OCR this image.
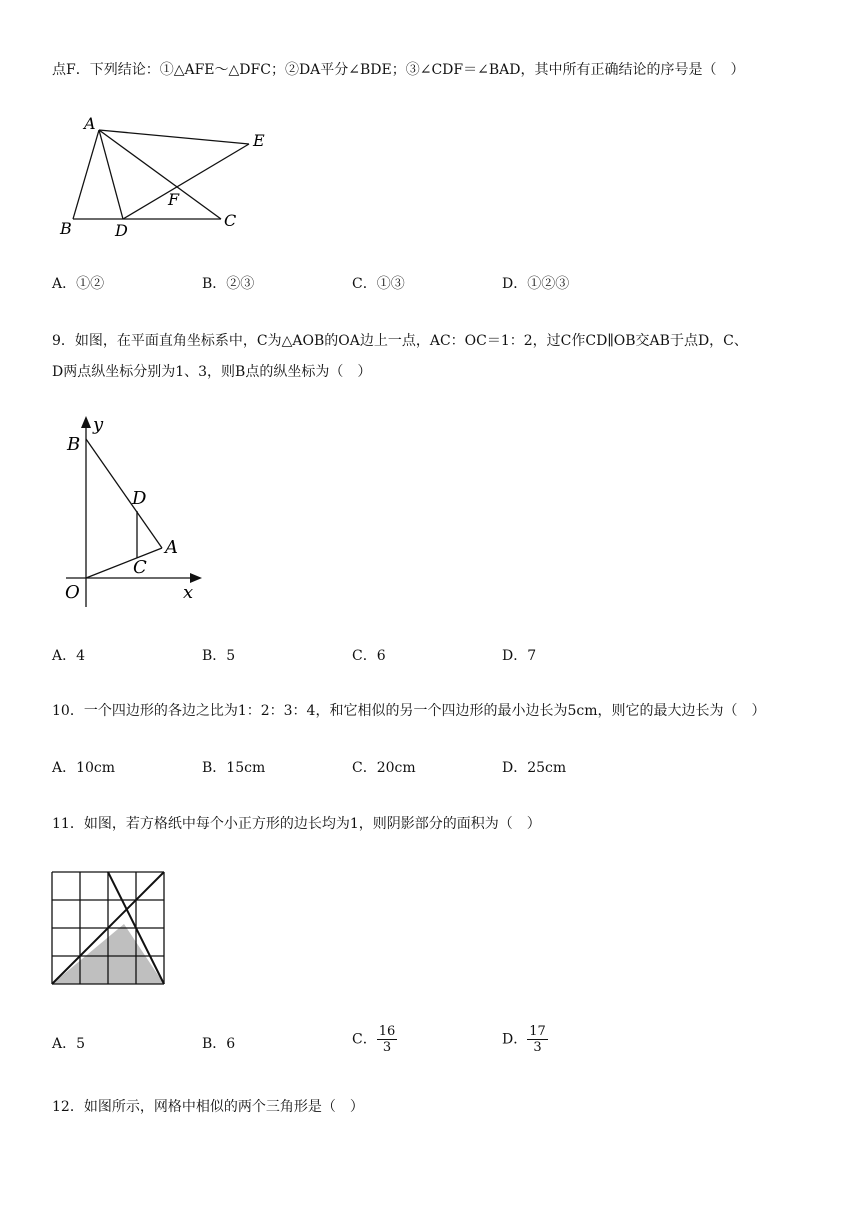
点F．下列结论：①△AFE～△DFC；②DA平分∠BDE；③∠CDF＝∠BAD，其中所有正确结论的序号是（　）
A
E
F
B	D
C
A．①②	B．②③	C．①③	D．①②③
9．如图，在平面直角坐标系中，C为△AOB的OA边上一点，AC：OC＝1：2，过C作CD∥OB交AB于点D，C、
D两点纵坐标分别为1、3，则B点的纵坐标为（　）
y
B
D
A
C
O	x
A．4	B．5	C．6	D．7
10．一个四边形的各边之比为1：2：3：4，和它相似的另一个四边形的最小边长为5cm，则它的最大边长为（　）
A．10cm	B．15cm	C．20cm	D．25cm
11．如图，若方格纸中每个小正方形的边长均为1，则阴影部分的面积为（　）
A．5	B．6	C． $\frac{16}{3}$	D． $\frac{17}{3}$
12．如图所示，网格中相似的两个三角形是（　）
